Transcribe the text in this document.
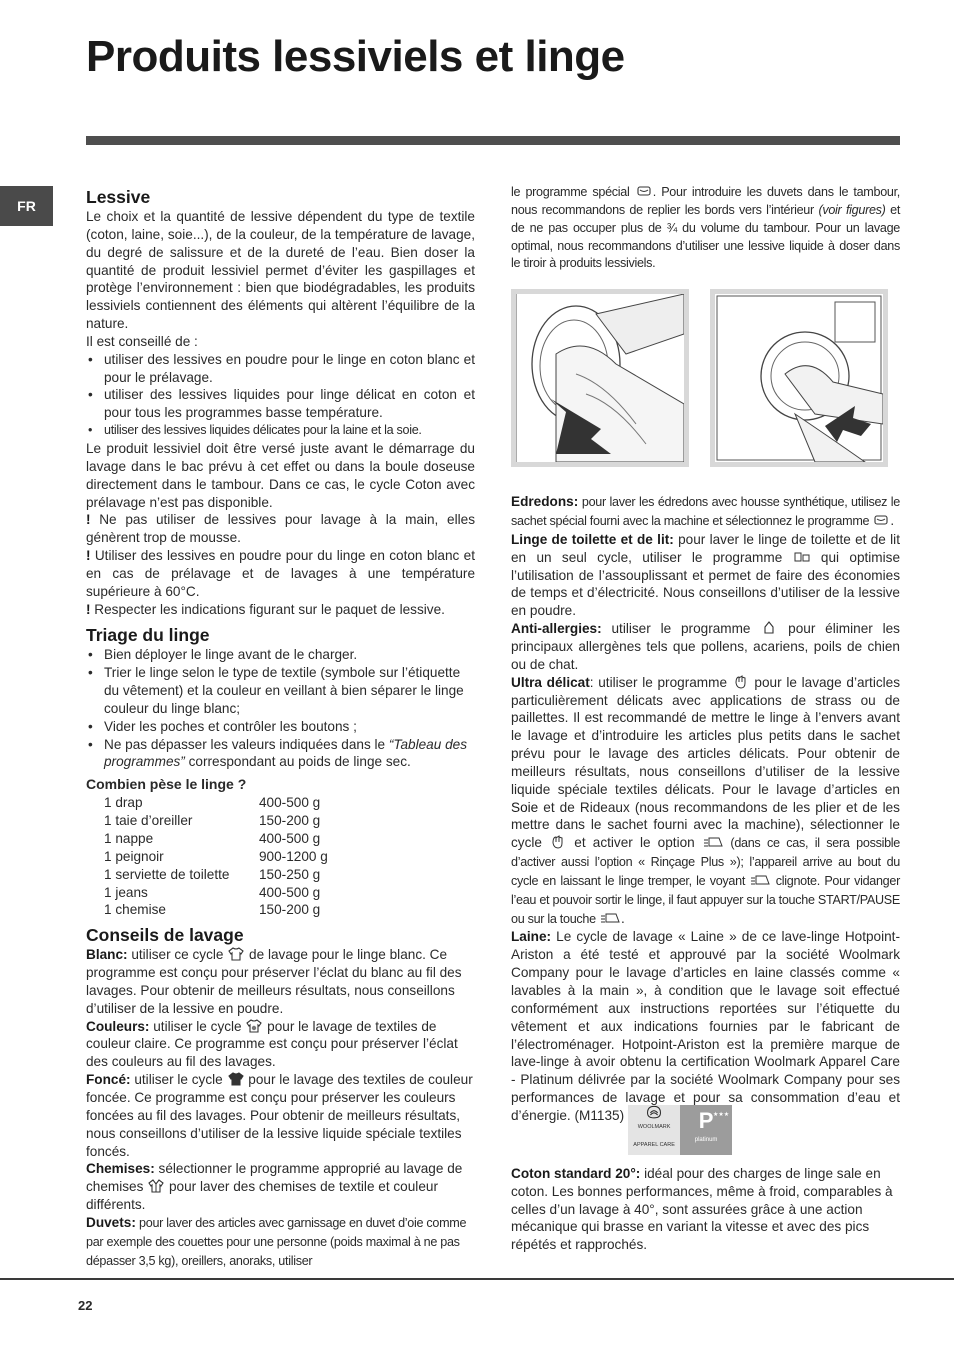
Produits lessiviels et linge
FR	Lessive

Le choix et la quantité de lessive dépendent du type de textile (coton, laine, soie...), de la couleur, de la température de lavage, du degré de salissure et de la dureté de l’eau. Bien doser la quantité de produit lessiviel permet d’éviter les gaspillages et protège l’environnement : bien que biodégradables, les produits lessiviels contiennent des éléments qui altèrent l’équilibre de la nature.

Il est conseillé de :

• utiliser des lessives en poudre pour le linge en coton blanc et pour le prélavage.
• utiliser des lessives liquides pour linge délicat en coton et pour tous les programmes basse température.
• utiliser des lessives liquides délicates pour la laine et la soie.

Le produit lessiviel doit être versé juste avant le démarrage du lavage dans le bac prévu à cet effet ou dans la boule doseuse directement dans le tambour. Dans ce cas, le cycle Coton avec prélavage n’est pas disponible.

! Ne pas utiliser de lessives pour lavage à la main, elles génèrent trop de mousse.

! Utiliser des lessives en poudre pour du linge en coton blanc et en cas de prélavage et de lavages à une température supérieure à 60°C.

! Respecter les indications figurant sur le paquet de lessive.

Triage du linge
• Bien déployer le linge avant de le charger.
• Trier le linge selon le type de textile (symbole sur l’étiquette du vêtement) et la couleur en veillant à bien séparer le linge couleur du linge blanc;
• Vider les poches et contrôler les boutons ;
• Ne pas dépasser les valeurs indiquées dans le “Tableau des programmes” correspondant au poids de linge sec.
Combien pèse le linge ?
1 drap	400-500 g
1 taie d’oreiller	150-200 g
1 nappe	400-500 g
1 peignoir	900-1200 g
1 serviette de toilette	150-250 g
1 jeans	400-500 g
1 chemise	150-200 g
Conseils de lavage

Blanc: utiliser ce cycle  de lavage pour le linge blanc. Ce programme est conçu pour préserver l’éclat du blanc au fil des lavages. Pour obtenir de meilleurs résultats, nous conseillons d’utiliser de la lessive en poudre.

Couleurs: utiliser le cycle  pour le lavage de textiles de couleur claire. Ce programme est conçu pour préserver l’éclat des couleurs au fil des lavages.

Foncé: utiliser le cycle  pour le lavage des textiles de couleur foncée. Ce programme est conçu pour préserver les couleurs foncées au fil des lavages. Pour obtenir de meilleurs résultats, nous conseillons d’utiliser de la lessive liquide spéciale textiles foncés.

Chemises: sélectionner le programme approprié au lavage de chemises  pour laver des chemises de textile et couleur différents.

Duvets: pour laver des articles avec garnissage en duvet d’oie comme par exemple des couettes pour une personne (poids maximal à ne pas dépasser 3,5 kg), oreillers, anoraks, utiliser

le programme spécial . Pour introduire les duvets dans le tambour, nous recommandons de replier les bords vers l’intérieur (voir figures) et de ne pas occuper plus de ¾ du volume du tambour. Pour un lavage optimal, nous recommandons d’utiliser une lessive liquide à doser dans le tiroir à produits lessiviels.

Edredons: pour laver les édredons avec housse synthétique, utilisez le sachet spécial fourni avec la machine et sélectionnez le programme .

Linge de toilette et de lit: pour laver le linge de toilette et de lit en un seul cycle, utiliser le programme  qui optimise l’utilisation de l’assouplissant et permet de faire des économies de temps et d’électricité. Nous conseillons d’utiliser de la lessive en poudre.

Anti-allergies: utiliser le programme  pour éliminer les principaux allergènes tels que pollens, acariens, poils de chien ou de chat.

Ultra délicat: utiliser le programme  pour le lavage d’articles particulièrement délicats avec applications de strass ou de paillettes. Il est recommandé de mettre le linge à l’envers avant le lavage et d’introduire les articles plus petits dans le sachet prévu pour le lavage des articles délicats. Pour obtenir de meilleurs résultats, nous conseillons d’utiliser de la lessive liquide spéciale textiles délicats. Pour le lavage d’articles en Soie et de Rideaux (nous recommandons de les plier et de les mettre dans le sachet fourni avec la machine), sélectionner le cycle  et activer le option  (dans ce cas, il sera possible d’activer aussi l’option « Rinçage Plus »); l’appareil arrive au bout du cycle en laissant le linge tremper, le voyant  clignote. Pour vidanger l’eau et pouvoir sortir le linge, il faut appuyer sur la touche START/PAUSE ou sur la touche .

Laine: Le cycle de lavage « Laine » de ce lave-linge Hotpoint-Ariston a été testé et approuvé par la société Woolmark Company pour le lavage d’articles en laine classés comme « lavables à la main », à condition que le lavage soit effectué conformément aux instructions reportées sur l’étiquette du vêtement et aux indications fournies par le fabricant de l’électroménager. Hotpoint-Ariston est la première marque de lave-linge à avoir obtenu la certification Woolmark Apparel Care - Platinum délivrée par la société Woolmark Company pour ses performances de lavage et pour sa consommation d’eau et d’énergie. (M1135)
WOOLMARK
APPAREL CARE
★★★
P
platinum

Coton standard 20°: idéal pour des charges de linge sale en coton. Les bonnes performances, même à froid, comparables à celles d’un lavage à 40°, sont assurées grâce à une action mécanique qui brasse en variant la vitesse et avec des pics répétés et rapprochés.

22
